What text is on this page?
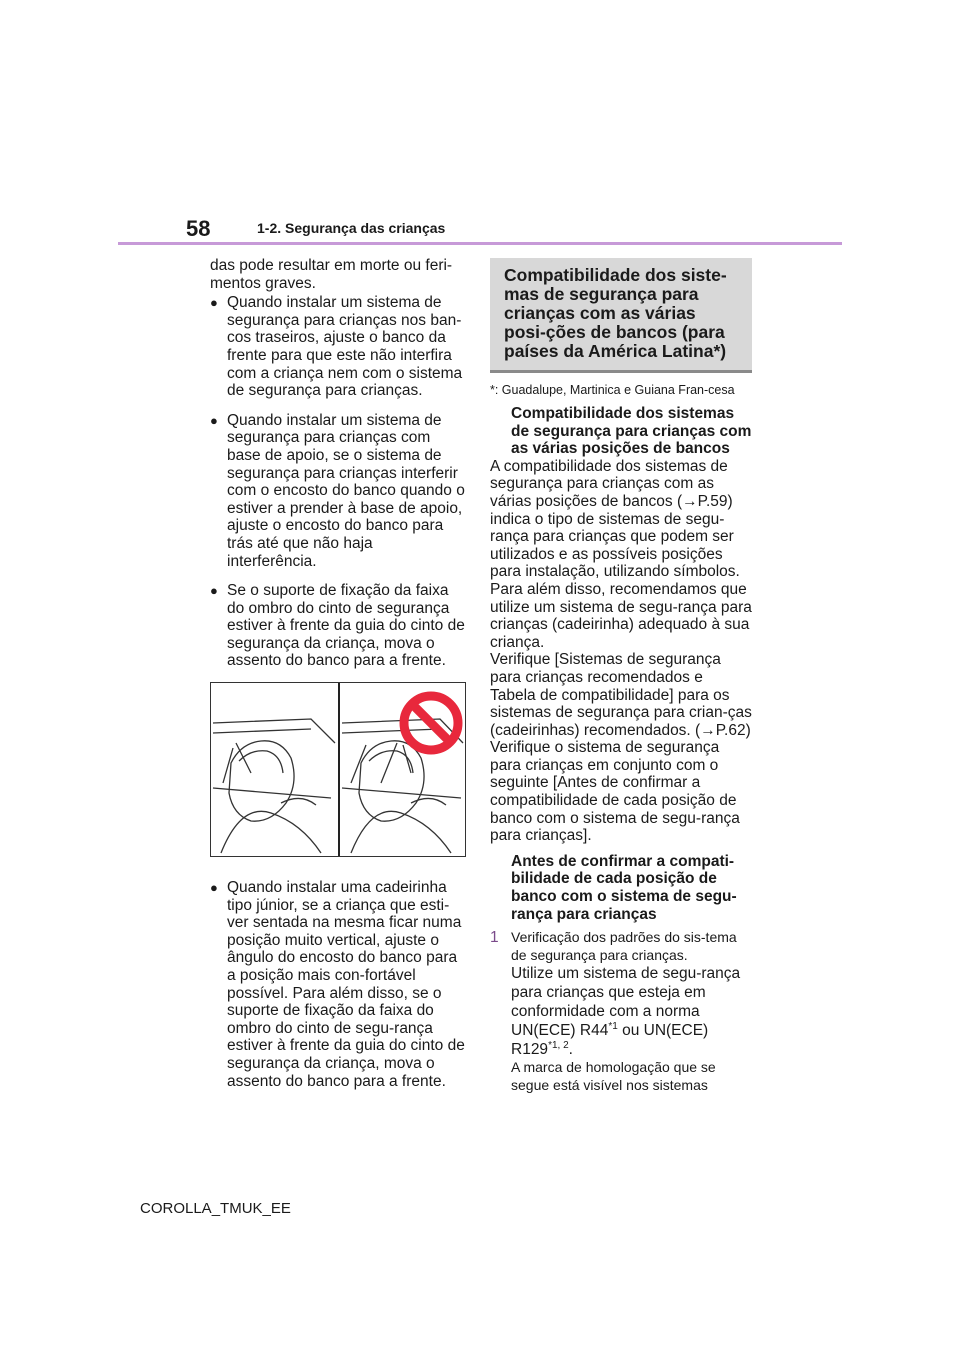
58	1-2. Segurança das crianças

das pode resultar em morte ou feri-mentos graves.

● Quando instalar um sistema de segurança para crianças nos ban-cos traseiros, ajuste o banco da frente para que este não interfira com a criança nem com o sistema de segurança para crianças.
● Quando instalar um sistema de segurança para crianças com base de apoio, se o sistema de segurança para crianças interferir com o encosto do banco quando o estiver a prender à base de apoio, ajuste o encosto do banco para trás até que não haja interferência.
● Se o suporte de fixação da faixa do ombro do cinto de segurança estiver à frente da guia do cinto de segurança da criança, mova o assento do banco para a frente.
● Quando instalar uma cadeirinha tipo júnior, se a criança que esti-ver sentada na mesma ficar numa posição muito vertical, ajuste o ângulo do encosto do banco para a posição mais con-fortável possível. Para além disso, se o suporte de fixação da faixa do ombro do cinto de segu-rança estiver à frente da guia do cinto de segurança da criança, mova o assento do banco para a frente.
Compatibilidade dos siste-mas de segurança para crianças com as várias posi-ções de bancos (para países da América Latina*)

*: Guadalupe, Martinica e Guiana Fran-cesa

Compatibilidade dos sistemas de segurança para crianças com as várias posições de bancos

A compatibilidade dos sistemas de segurança para crianças com as várias posições de bancos (→P.59) indica o tipo de sistemas de segu-rança para crianças que podem ser utilizados e as possíveis posições para instalação, utilizando símbolos. Para além disso, recomendamos que utilize um sistema de segu-rança para crianças (cadeirinha) adequado à sua criança.

Verifique [Sistemas de segurança para crianças recomendados e Tabela de compatibilidade] para os sistemas de segurança para crian-ças (cadeirinhas) recomendados. (→P.62)

Verifique o sistema de segurança para crianças em conjunto com o seguinte [Antes de confirmar a compatibilidade de cada posição de banco com o sistema de segu-rança para crianças].

Antes de confirmar a compati-bilidade de cada posição de banco com o sistema de segu-rança para crianças

1 Verificação dos padrões do sis-tema de segurança para crianças.
Utilize um sistema de segu-rança para crianças que esteja em conformidade com a norma UN(ECE) R44$^{*1}$ ou UN(ECE) R129$^{*1, 2}$.
A marca de homologação que se segue está visível nos sistemas
COROLLA_TMUK_EE
